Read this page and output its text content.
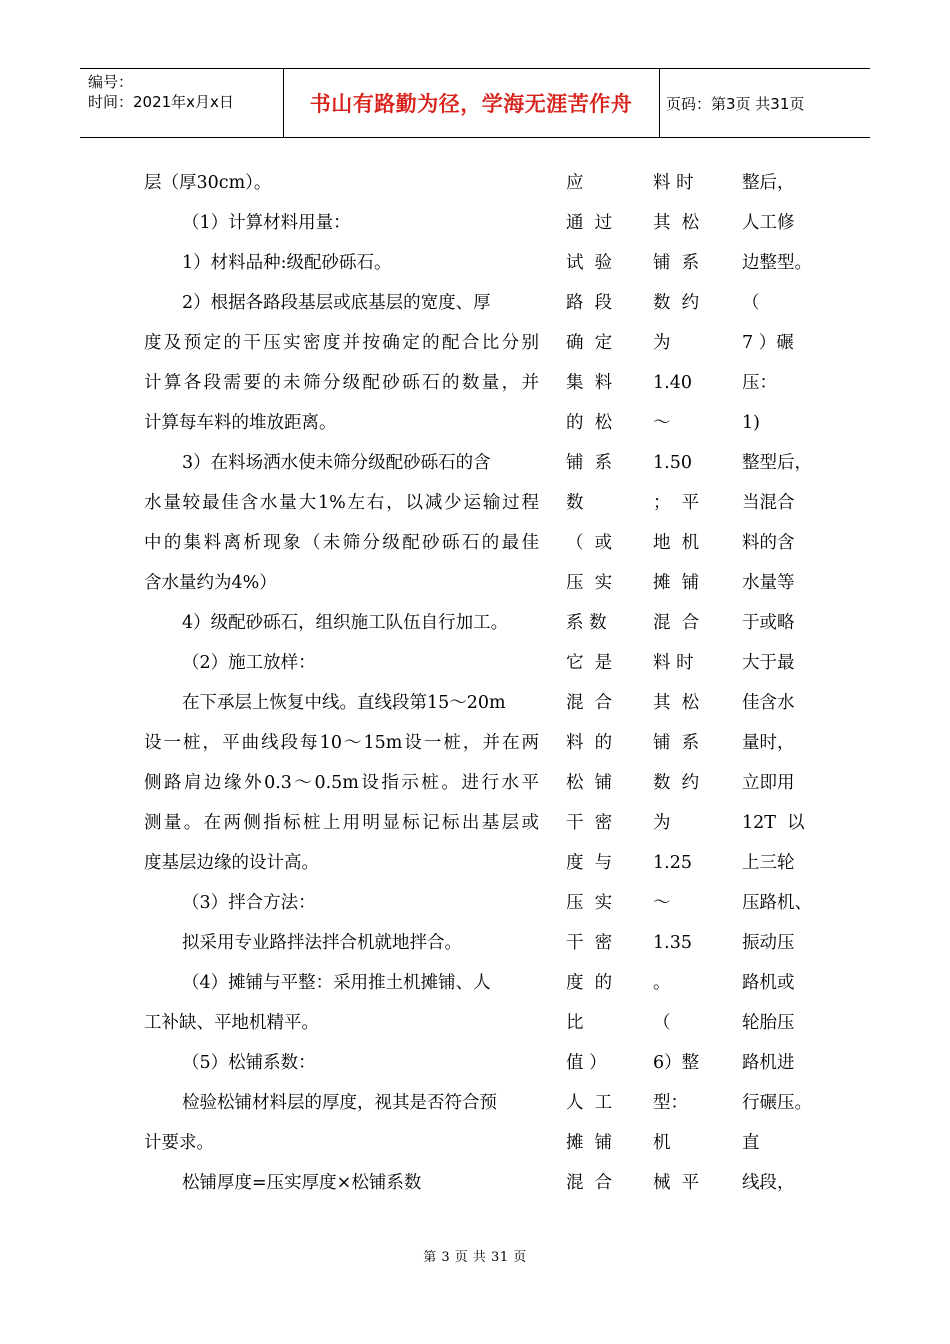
编号：
时间：2021年x月x日	书山有路勤为径，学海无涯苦作舟	页码：第3页 共31页
层（厚30cm）。
（1）计算材料用量：
1）材料品种:级配砂砾石。
2）根据各路段基层或底基层的宽度、厚
度及预定的干压实密度并按确定的配合比分别
计算各段需要的未筛分级配砂砾石的数量，并
计算每车料的堆放距离。
3）在料场洒水使未筛分级配砂砾石的含
水量较最佳含水量大1%左右，以减少运输过程
中的集料离析现象（未筛分级配砂砾石的最佳
含水量约为4%）
4）级配砂砾石，组织施工队伍自行加工。
（2）施工放样：
在下承层上恢复中线。直线段第15～20m
设一桩，平曲线段每10～15m设一桩，并在两
侧路肩边缘外0.3～0.5m设指示桩。进行水平
测量。在两侧指标桩上用明显标记标出基层或
度基层边缘的设计高。
（3）拌合方法：
拟采用专业路拌法拌合机就地拌合。
（4）摊铺与平整：采用推土机摊铺、人
工补缺、平地机精平。
（5）松铺系数：
检验松铺材料层的厚度，视其是否符合预
计要求。
松铺厚度=压实厚度×松铺系数
应
通  过
试  验
路  段
确  定
集  料
的  松
铺  系
数
（  或
压  实
系 数
它  是
混  合
料  的
松  铺
干  密
度  与
压  实
干  密
度  的
比
值 ）
人  工
摊  铺
混  合
料 时
其  松
铺  系
数  约
为
1.40
～
1.50
；  平
地  机
摊  铺
混  合
料 时
其  松
铺  系
数  约
为
1.25
～
1.35
。
（
6）整
型：
机
械  平
整后，
人工修
边整型。
（
7 ）碾
压：
1)
整型后，
当混合
料的含
水量等
于或略
大于最
佳含水
量时，
立即用
12T  以
上三轮
压路机、
振动压
路机或
轮胎压
路机进
行碾压。
直
线段，
第 3 页 共 31 页
